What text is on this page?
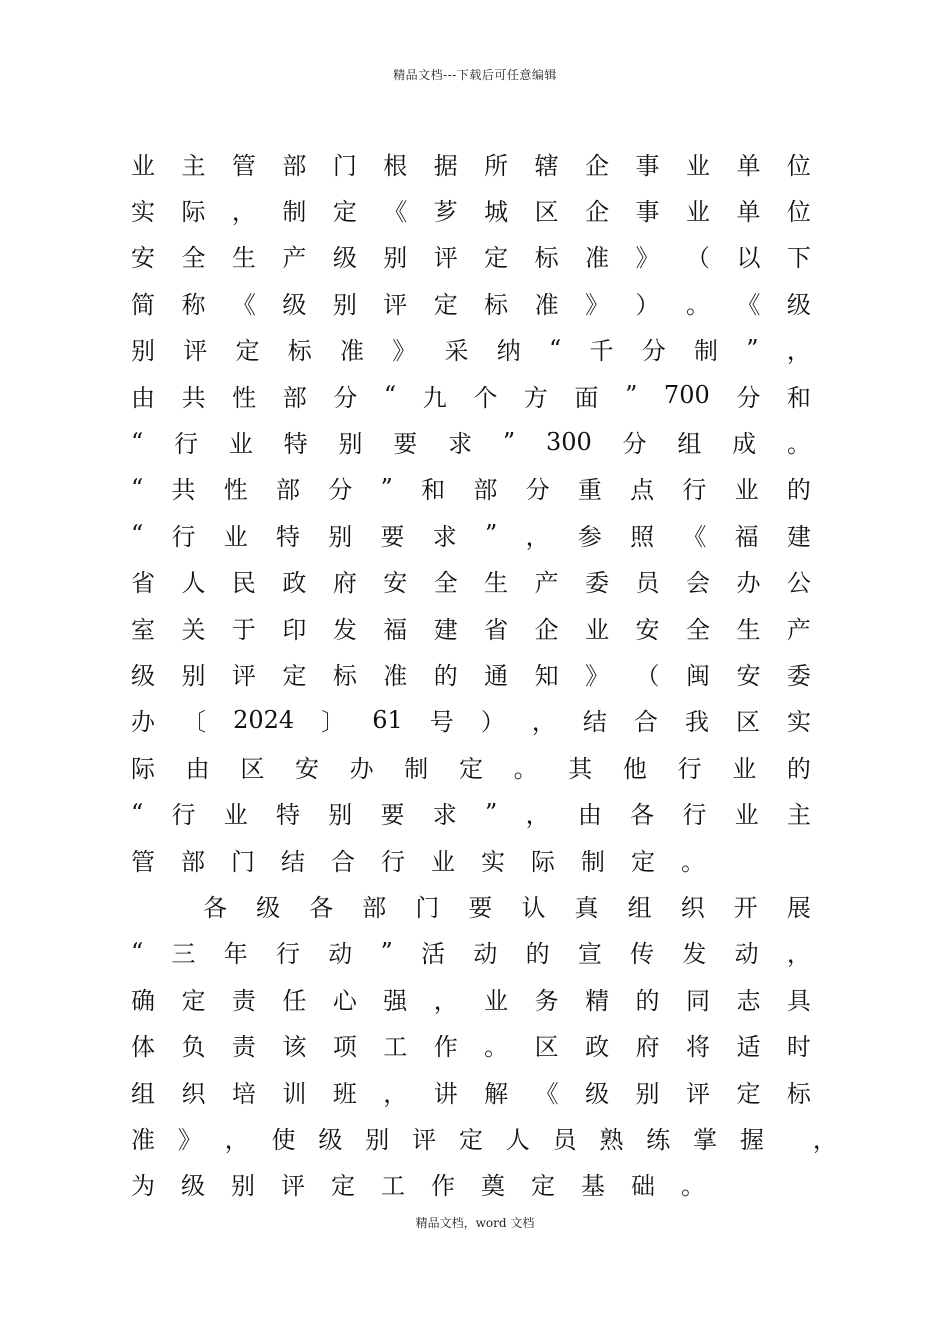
精品文档---下载后可任意编辑
业 主 管 部 门 根 据 所 辖 企 事 业 单 位
实 际 ， 制 定 《 芗 城 区 企 事 业 单 位
安 全 生 产 级 别 评 定 标 准 》 （ 以 下
简 称 《 级 别 评 定 标 准 》 ） 。 《 级
别 评 定 标 准 》 采 纳 “ 千 分 制 ” ，
由 共 性 部 分 “ 九 个 方 面 ” 700 分 和
“ 行 业 特 别 要 求 ” 300 分 组 成 。
“ 共 性 部 分 ” 和 部 分 重 点 行 业 的
“ 行 业 特 别 要 求 ” ， 参 照 《 福 建
省 人 民 政 府 安 全 生 产 委 员 会 办 公
室 关 于 印 发 福 建 省 企 业 安 全 生 产
级 别 评 定 标 准 的 通 知 》 （ 闽 安 委
办 〔 2024 〕 61 号 ） ， 结 合 我 区 实
际 由 区 安 办 制 定 。 其 他 行 业 的
“ 行 业 特 别 要 求 ” ， 由 各 行 业 主
管 部 门 结 合 行 业 实 际 制 定 。
各 级 各 部 门 要 认 真 组 织 开 展
“ 三 年 行 动 ” 活 动 的 宣 传 发 动 ，
确 定 责 任 心 强 ， 业 务 精 的 同 志 具
体 负 责 该 项 工 作 。 区 政 府 将 适 时
组 织 培 训 班 ， 讲 解 《 级 别 评 定 标
准 》 ， 使 级 别 评 定 人 员 熟 练 掌 握 ，
为 级 别 评 定 工 作 奠 定 基 础 。
精品文档，word 文档
